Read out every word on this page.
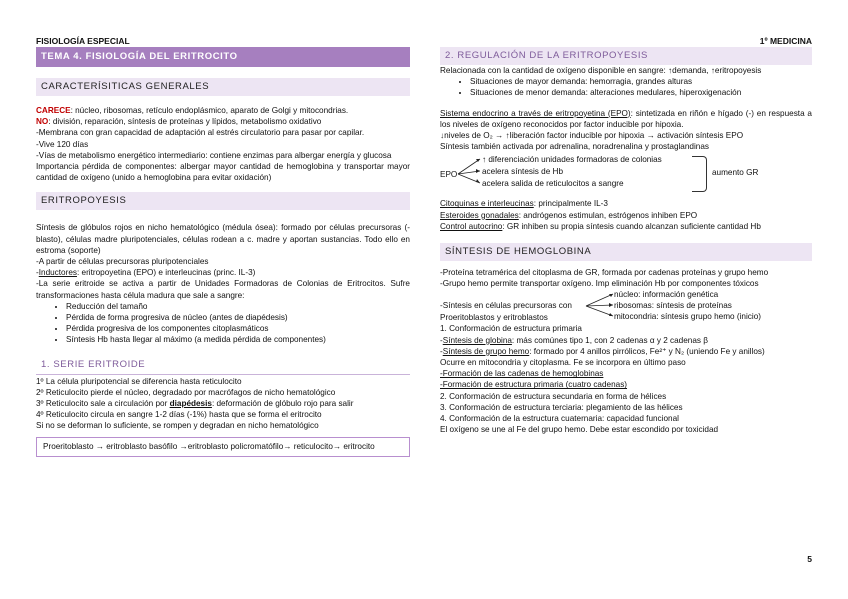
FISIOLOGÍA ESPECIAL	1º MEDICINA
TEMA 4. FISIOLOGÍA DEL ERITROCITO
CARACTERÍSITICAS GENERALES

CARECE: núcleo, ribosomas, retículo endoplásmico, aparato de Golgi y mitocondrias.

NO: división, reparación, síntesis de proteínas y lípidos, metabolismo oxidativo

-Membrana con gran capacidad de adaptación al estrés circulatorio para pasar por capilar.

-Vive 120 días

-Vías de metabolismo energético intermediario: contiene enzimas para albergar energía y glucosa

Importancia pérdida de componentes: albergar mayor cantidad de hemoglobina y transportar mayor cantidad de oxígeno (unido a hemoglobina para evitar oxidación)

ERITROPOYESIS

Síntesis de glóbulos rojos en nicho hematológico (médula ósea): formado por células precursoras (-blasto), células madre pluripotenciales, células rodean a c. madre y aportan sustancias. Todo ello en estroma (soporte)

-A partir de células precursoras pluripotenciales

-Inductores: eritropoyetina (EPO) e interleucinas (princ. IL-3)

-La serie eritroide se activa a partir de Unidades Formadoras de Colonias de Eritrocitos. Sufre transformaciones hasta célula madura que sale a sangre:

• Reducción del tamaño
• Pérdida de forma progresiva de núcleo (antes de diapédesis)
• Pérdida progresiva de los componentes citoplasmáticos
• Síntesis Hb hasta llegar al máximo (a medida pérdida de componentes)
1. SERIE ERITROIDE

1º La célula pluripotencial se diferencia hasta reticulocito

2º Reticulocito pierde el núcleo, degradado por macrófagos de nicho hematológico

3º Reticulocito sale a circulación por diapédesis: deformación de glóbulo rojo para salir

4º Reticulocito circula en sangre 1-2 días (-1%) hasta que se forma el eritrocito

Si no se deforman lo suficiente, se rompen y degradan en nicho hematológico

Proeritoblasto → eritroblasto basófilo →eritroblasto policromatófilo→ reticulocito→ eritrocito
2. REGULACIÓN DE LA ERITROPOYESIS

Relacionada con la cantidad de oxígeno disponible en sangre: ↑demanda, ↑eritropoyesis

• Situaciones de mayor demanda: hemorragia, grandes alturas
• Situaciones de menor demanda: alteraciones medulares, hiperoxigenación

Sistema endocrino a través de eritropoyetina (EPO): sintetizada en riñón e hígado (-) en respuesta a los niveles de oxígeno reconocidos por factor inducible por hipoxia.

↓niveles de O₂ → ↑liberación factor inducible por hipoxia → activación síntesis EPO

Síntesis también activada por adrenalina, noradrenalina y prostaglandinas

EPO
↑ diferenciación unidades formadoras de colonias
acelera síntesis de Hb
acelera salida de reticulocitos a sangre
aumento GR

Citoquinas e interleucinas: principalmente IL-3

Esteroides gonadales: andrógenos estimulan, estrógenos inhiben EPO

Control autocrino: GR inhiben su propia síntesis cuando alcanzan suficiente cantidad Hb

SÍNTESIS DE HEMOGLOBINA

-Proteína tetramérica del citoplasma de GR, formada por cadenas proteínas y grupo hemo

-Grupo hemo permite transportar oxígeno. Imp eliminación Hb por componentes tóxicos

-Síntesis en células precursoras con
Proeritoblastos y eritroblastos
núcleo: información genética
ribosomas: síntesis de proteínas
mitocondria: síntesis grupo hemo (inicio)

1. Conformación de estructura primaria

-Síntesis de globina: más comúnes tipo 1, con 2 cadenas α y 2 cadenas β

-Síntesis de grupo hemo: formado por 4 anillos pirrólicos, Fe²⁺ y N₂ (uniendo Fe y anillos)

Ocurre en mitocondria y citoplasma. Fe se incorpora en último paso

-Formación de las cadenas de hemoglobinas

-Formación de estructura primaria (cuatro cadenas)

2. Conformación de estructura secundaria en forma de hélices

3. Conformación de estructura terciaria: plegamiento de las hélices

4. Conformación de la estructura cuaternaria: capacidad funcional

El oxígeno se une al Fe del grupo hemo. Debe estar escondido por toxicidad

5
